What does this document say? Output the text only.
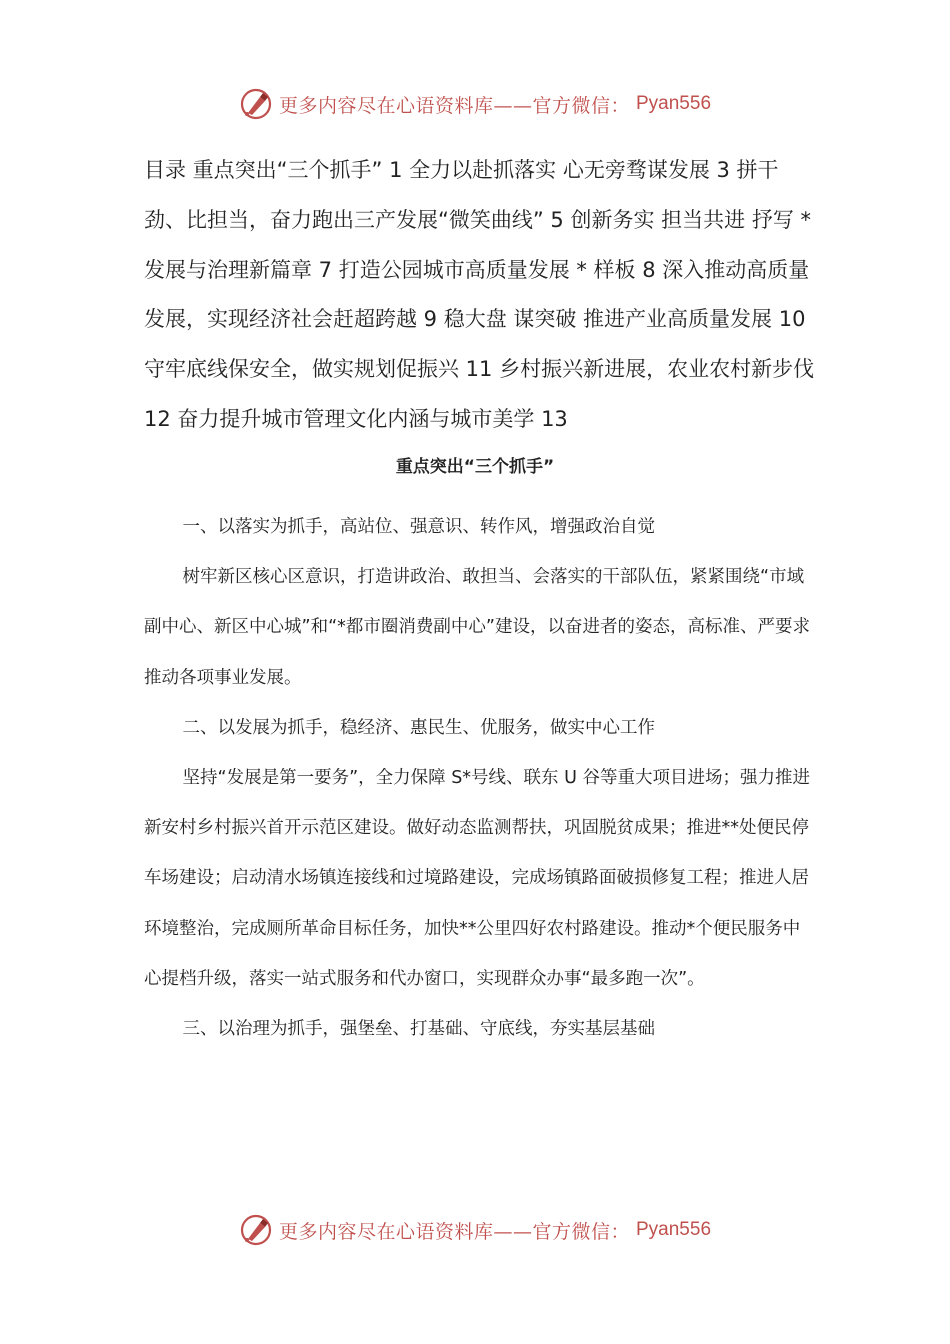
更多内容尽在心语资料库——官方微信： Pyan556

目录 重点突出“三个抓手” 1 全力以赴抓落实 心无旁骛谋发展 3 拼干劲、比担当，奋力跑出三产发展“微笑曲线” 5 创新务实 担当共进 抒写 * 发展与治理新篇章 7 打造公园城市高质量发展 * 样板 8 深入推动高质量发展，实现经济社会赶超跨越 9 稳大盘 谋突破 推进产业高质量发展 10 守牢底线保安全，做实规划促振兴 11 乡村振兴新进展，农业农村新步伐 12 奋力提升城市管理文化内涵与城市美学 13

重点突出“三个抓手”

一、以落实为抓手，高站位、强意识、转作风，增强政治自觉

树牢新区核心区意识，打造讲政治、敢担当、会落实的干部队伍，紧紧围绕“市域副中心、新区中心城”和“*都市圈消费副中心”建设，以奋进者的姿态，高标准、严要求推动各项事业发展。

二、以发展为抓手，稳经济、惠民生、优服务，做实中心工作

坚持“发展是第一要务”，全力保障 S*号线、联东 U 谷等重大项目进场；强力推进新安村乡村振兴首开示范区建设。做好动态监测帮扶，巩固脱贫成果；推进**处便民停车场建设；启动清水场镇连接线和过境路建设，完成场镇路面破损修复工程；推进人居环境整治，完成厕所革命目标任务，加快**公里四好农村路建设。推动*个便民服务中心提档升级，落实一站式服务和代办窗口，实现群众办事“最多跑一次”。

三、以治理为抓手，强堡垒、打基础、守底线，夯实基层基础

更多内容尽在心语资料库——官方微信： Pyan556
